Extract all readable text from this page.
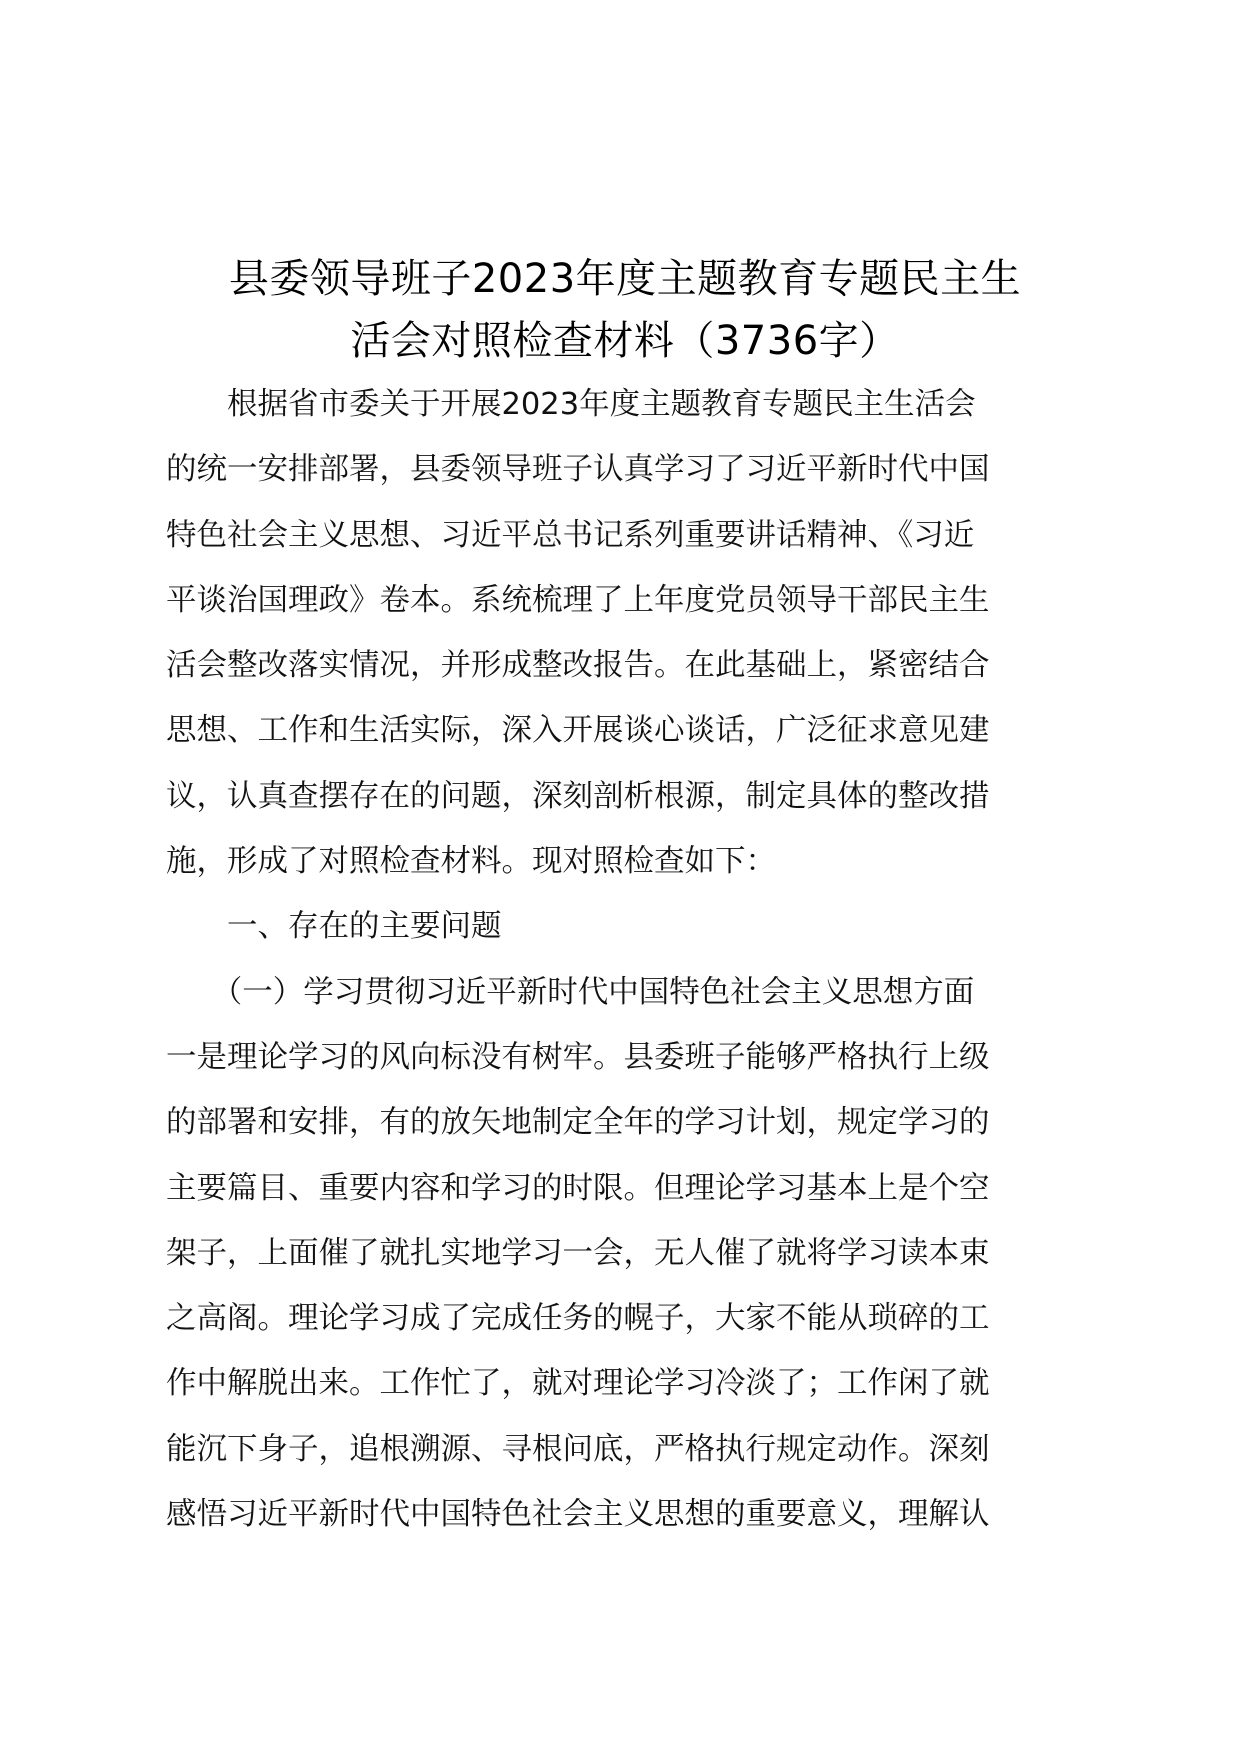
县委领导班子2023年度主题教育专题民主生
活会对照检查材料（3736字）
　　根据省市委关于开展2023年度主题教育专题民主生活会
的统一安排部署，县委领导班子认真学习了习近平新时代中国
特色社会主义思想、习近平总书记系列重要讲话精神、《习近
平谈治国理政》卷本。系统梳理了上年度党员领导干部民主生
活会整改落实情况，并形成整改报告。在此基础上，紧密结合
思想、工作和生活实际，深入开展谈心谈话，广泛征求意见建
议，认真查摆存在的问题，深刻剖析根源，制定具体的整改措
施，形成了对照检查材料。现对照检查如下：
　　一、存在的主要问题
　　（一）学习贯彻习近平新时代中国特色社会主义思想方面
一是理论学习的风向标没有树牢。县委班子能够严格执行上级
的部署和安排，有的放矢地制定全年的学习计划，规定学习的
主要篇目、重要内容和学习的时限。但理论学习基本上是个空
架子，上面催了就扎实地学习一会，无人催了就将学习读本束
之高阁。理论学习成了完成任务的幌子，大家不能从琐碎的工
作中解脱出来。工作忙了，就对理论学习冷淡了；工作闲了就
能沉下身子，追根溯源、寻根问底，严格执行规定动作。深刻
感悟习近平新时代中国特色社会主义思想的重要意义，理解认
